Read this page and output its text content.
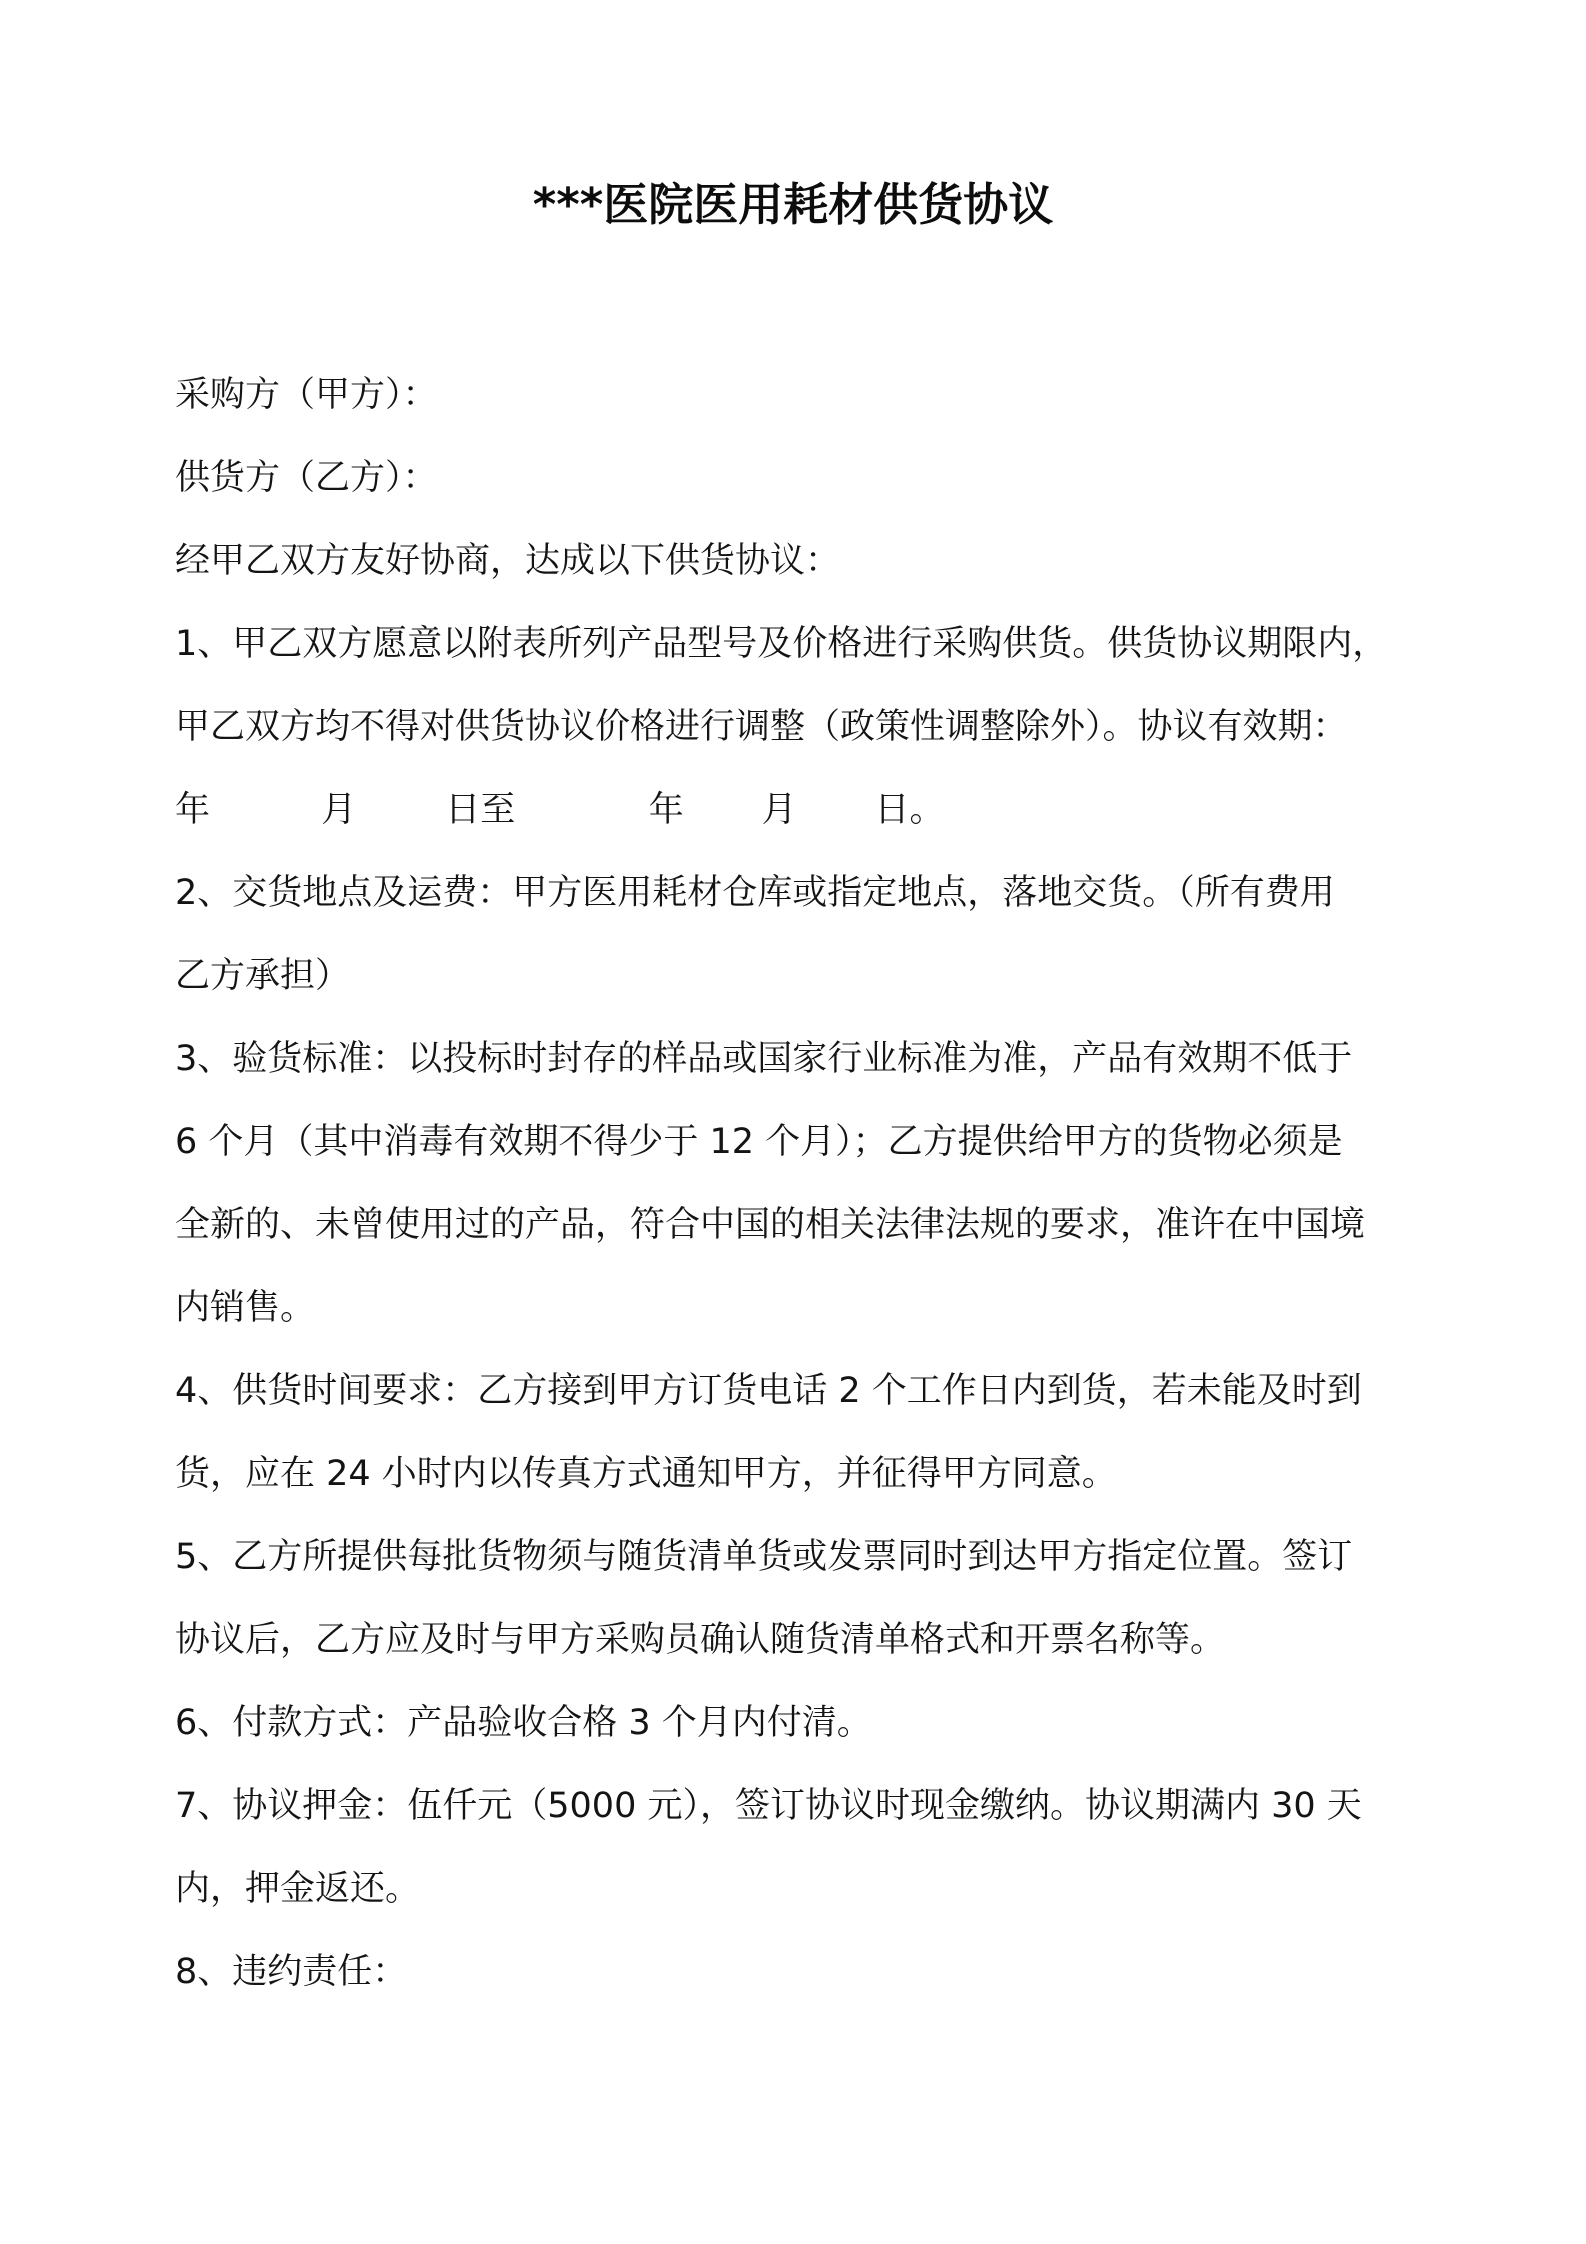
***医院医用耗材供货协议
采购方（甲方）：
供货方（乙方）：
经甲乙双方友好协商，达成以下供货协议：
1、甲乙双方愿意以附表所列产品型号及价格进行采购供货。供货协议期限内，
甲乙双方均不得对供货协议价格进行调整（政策性调整除外）。协议有效期：
年          月        日至            年       月       日。
2、交货地点及运费：甲方医用耗材仓库或指定地点，落地交货。（所有费用
乙方承担）
3、验货标准：以投标时封存的样品或国家行业标准为准，产品有效期不低于
6 个月（其中消毒有效期不得少于 12 个月）；乙方提供给甲方的货物必须是
全新的、未曾使用过的产品，符合中国的相关法律法规的要求，准许在中国境
内销售。
4、供货时间要求：乙方接到甲方订货电话 2 个工作日内到货，若未能及时到
货，应在 24 小时内以传真方式通知甲方，并征得甲方同意。
5、乙方所提供每批货物须与随货清单货或发票同时到达甲方指定位置。签订
协议后，乙方应及时与甲方采购员确认随货清单格式和开票名称等。
6、付款方式：产品验收合格 3 个月内付清。
7、协议押金：伍仟元（5000 元），签订协议时现金缴纳。协议期满内 30 天
内，押金返还。
8、违约责任：
